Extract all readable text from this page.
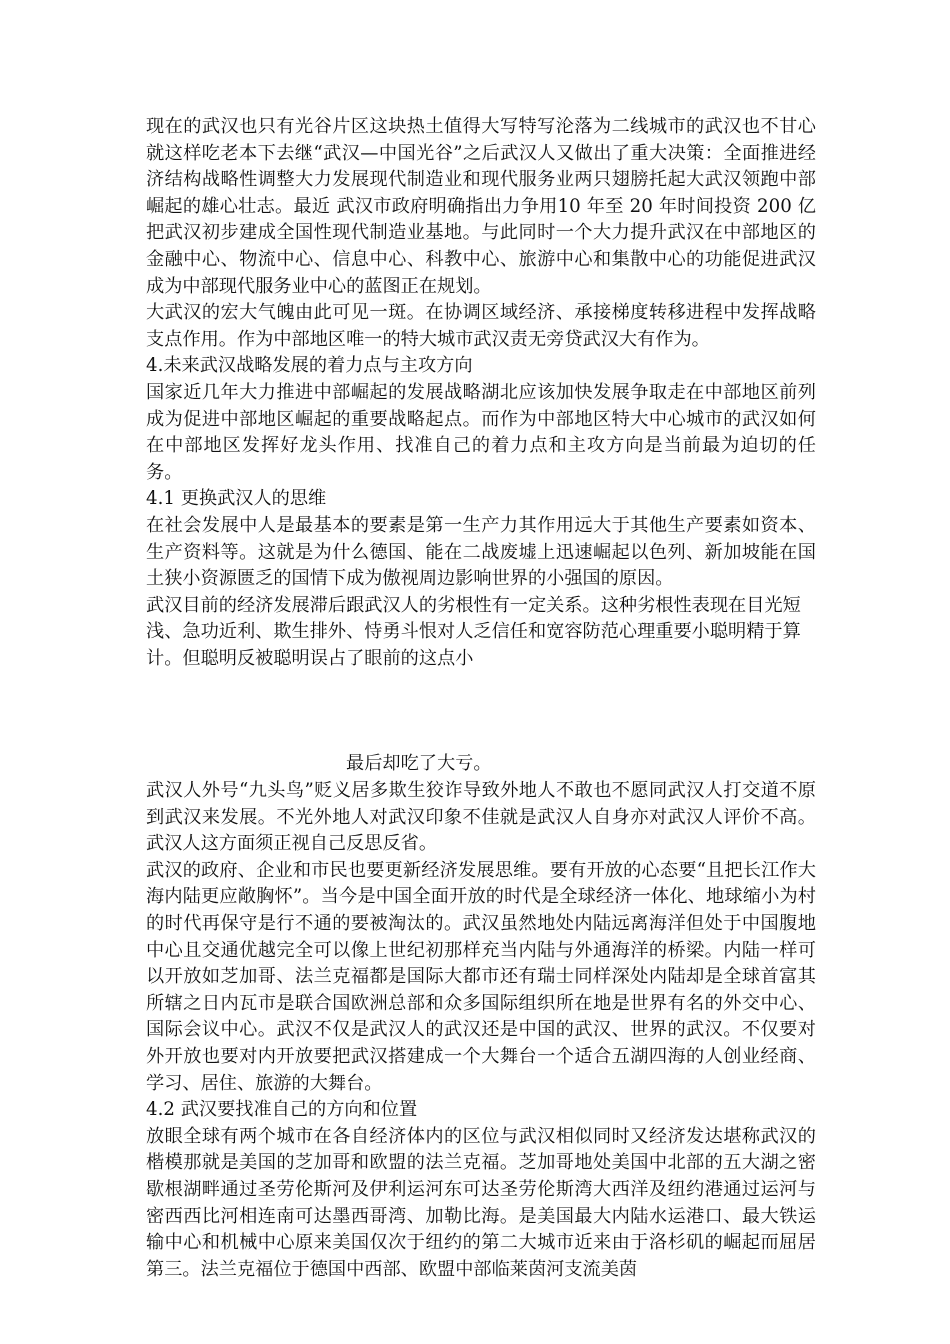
现在的武汉也只有光谷片区这块热土值得大写特写沦落为二线城市的武汉也不甘心就这样吃老本下去继“武汉—中国光谷”之后武汉人又做出了重大决策：全面推进经济结构战略性调整大力发展现代制造业和现代服务业两只翅膀托起大武汉领跑中部崛起的雄心壮志。最近 武汉市政府明确指出力争用10 年至 20 年时间投资 200 亿把武汉初步建成全国性现代制造业基地。与此同时一个大力提升武汉在中部地区的金融中心、物流中心、信息中心、科教中心、旅游中心和集散中心的功能促进武汉成为中部现代服务业中心的蓝图正在规划。

大武汉的宏大气魄由此可见一斑。在协调区域经济、承接梯度转移进程中发挥战略支点作用。作为中部地区唯一的特大城市武汉责无旁贷武汉大有作为。

4.未来武汉战略发展的着力点与主攻方向

国家近几年大力推进中部崛起的发展战略湖北应该加快发展争取走在中部地区前列成为促进中部地区崛起的重要战略起点。而作为中部地区特大中心城市的武汉如何在中部地区发挥好龙头作用、找准自己的着力点和主攻方向是当前最为迫切的任务。

4.1 更换武汉人的思维

在社会发展中人是最基本的要素是第一生产力其作用远大于其他生产要素如资本、生产资料等。这就是为什么德国、能在二战废墟上迅速崛起以色列、新加坡能在国土狭小资源匮乏的国情下成为傲视周边影响世界的小强国的原因。

武汉目前的经济发展滞后跟武汉人的劣根性有一定关系。这种劣根性表现在目光短浅、急功近利、欺生排外、恃勇斗恨对人乏信任和宽容防范心理重要小聪明精于算计。但聪明反被聪明误占了眼前的这点小

最后却吃了大亏。

武汉人外号“九头鸟”贬义居多欺生狡诈导致外地人不敢也不愿同武汉人打交道不原到武汉来发展。不光外地人对武汉印象不佳就是武汉人自身亦对武汉人评价不高。武汉人这方面须正视自己反思反省。

武汉的政府、企业和市民也要更新经济发展思维。要有开放的心态要“且把长江作大海内陆更应敞胸怀”。当今是中国全面开放的时代是全球经济一体化、地球缩小为村的时代再保守是行不通的要被淘汰的。武汉虽然地处内陆远离海洋但处于中国腹地中心且交通优越完全可以像上世纪初那样充当内陆与外通海洋的桥梁。内陆一样可以开放如芝加哥、法兰克福都是国际大都市还有瑞士同样深处内陆却是全球首富其所辖之日内瓦市是联合国欧洲总部和众多国际组织所在地是世界有名的外交中心、国际会议中心。武汉不仅是武汉人的武汉还是中国的武汉、世界的武汉。不仅要对外开放也要对内开放要把武汉搭建成一个大舞台一个适合五湖四海的人创业经商、学习、居住、旅游的大舞台。

4.2 武汉要找准自己的方向和位置

放眼全球有两个城市在各自经济体内的区位与武汉相似同时又经济发达堪称武汉的楷模那就是美国的芝加哥和欧盟的法兰克福。芝加哥地处美国中北部的五大湖之密歇根湖畔通过圣劳伦斯河及伊利运河东可达圣劳伦斯湾大西洋及纽约港通过运河与密西西比河相连南可达墨西哥湾、加勒比海。是美国最大内陆水运港口、最大铁运输中心和机械中心原来美国仅次于纽约的第二大城市近来由于洛杉矶的崛起而屈居第三。法兰克福位于德国中西部、欧盟中部临莱茵河支流美茵
